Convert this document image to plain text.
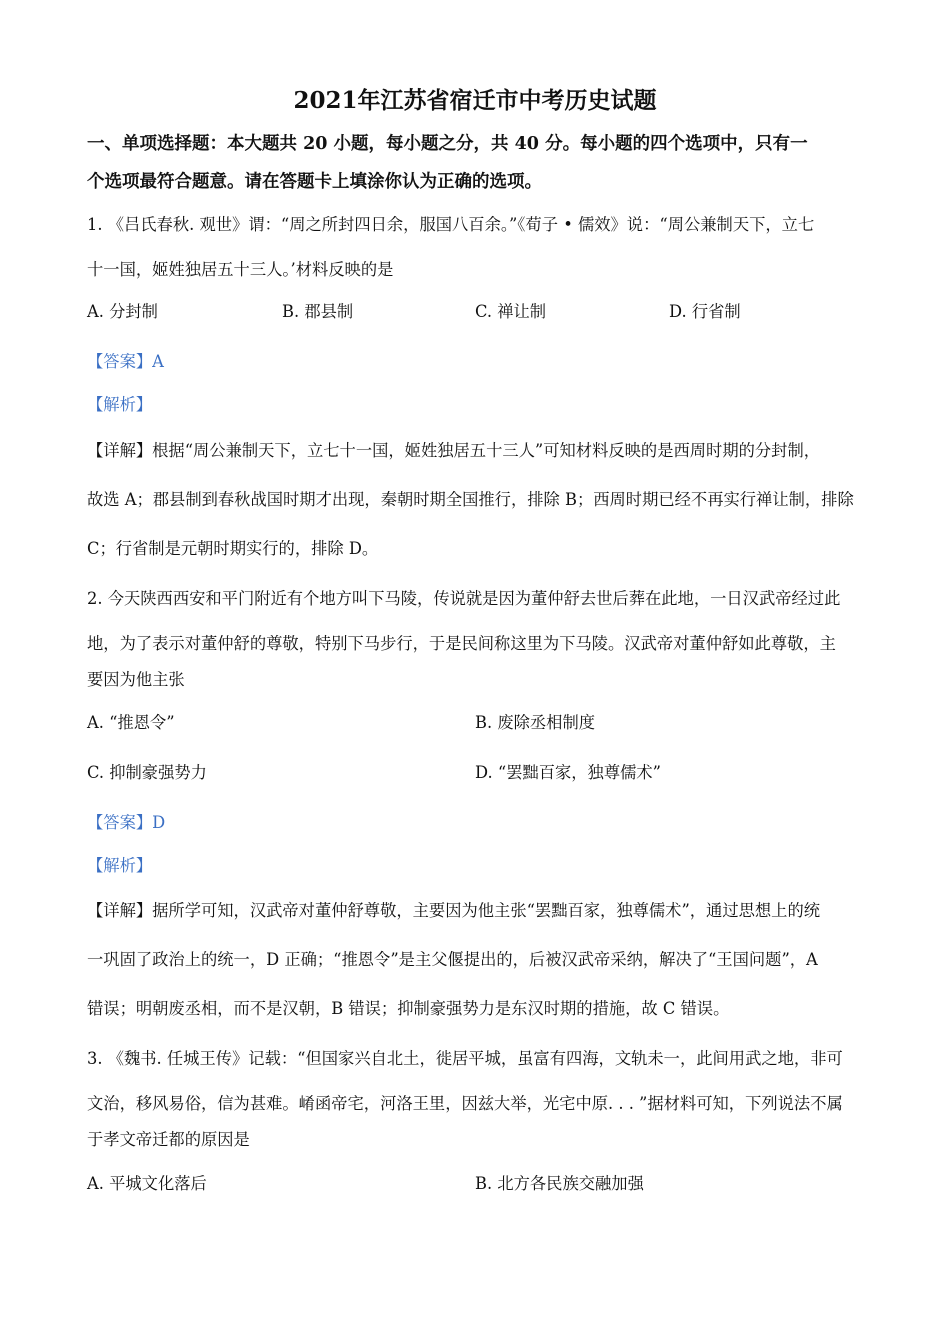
2021年江苏省宿迁市中考历史试题
一、单项选择题：本大题共 20 小题，每小题之分，共 40 分。每小题的四个选项中，只有一
个选项最符合题意。请在答题卡上填涂你认为正确的选项。
1. 《吕氏春秋. 观世》谓：“周之所封四日余，服国八百余。”《荀子 • 儒效》说：“周公兼制天下，立七
十一国，姬姓独居五十三人。’材料反映的是
A. 分封制	B. 郡县制	C. 禅让制	D. 行省制
【答案】A
【解析】
【详解】根据“周公兼制天下，立七十一国，姬姓独居五十三人”可知材料反映的是西周时期的分封制，
故选 A；郡县制到春秋战国时期才出现，秦朝时期全国推行，排除 B；西周时期已经不再实行禅让制，排除
C；行省制是元朝时期实行的，排除 D。
2. 今天陕西西安和平门附近有个地方叫下马陵，传说就是因为董仲舒去世后葬在此地，一日汉武帝经过此
地，为了表示对董仲舒的尊敬，特别下马步行，于是民间称这里为下马陵。汉武帝对董仲舒如此尊敬，主
要因为他主张
A. “推恩令”	B. 废除丞相制度
C. 抑制豪强势力	D. “罢黜百家，独尊儒术”
【答案】D
【解析】
【详解】据所学可知，汉武帝对董仲舒尊敬，主要因为他主张“罢黜百家，独尊儒术”，通过思想上的统
一巩固了政治上的统一，D 正确；“推恩令”是主父偃提出的，后被汉武帝采纳，解决了“王国问题”，A
错误；明朝废丞相，而不是汉朝，B 错误；抑制豪强势力是东汉时期的措施，故 C 错误。
3. 《魏书. 任城王传》记载：“但国家兴自北土，徙居平城，虽富有四海，文轨未一，此间用武之地，非可
文治，移风易俗，信为甚难。崤函帝宅，河洛王里，因兹大举，光宅中原. . . ”据材料可知，下列说法不属
于孝文帝迁都的原因是
A. 平城文化落后	B. 北方各民族交融加强
